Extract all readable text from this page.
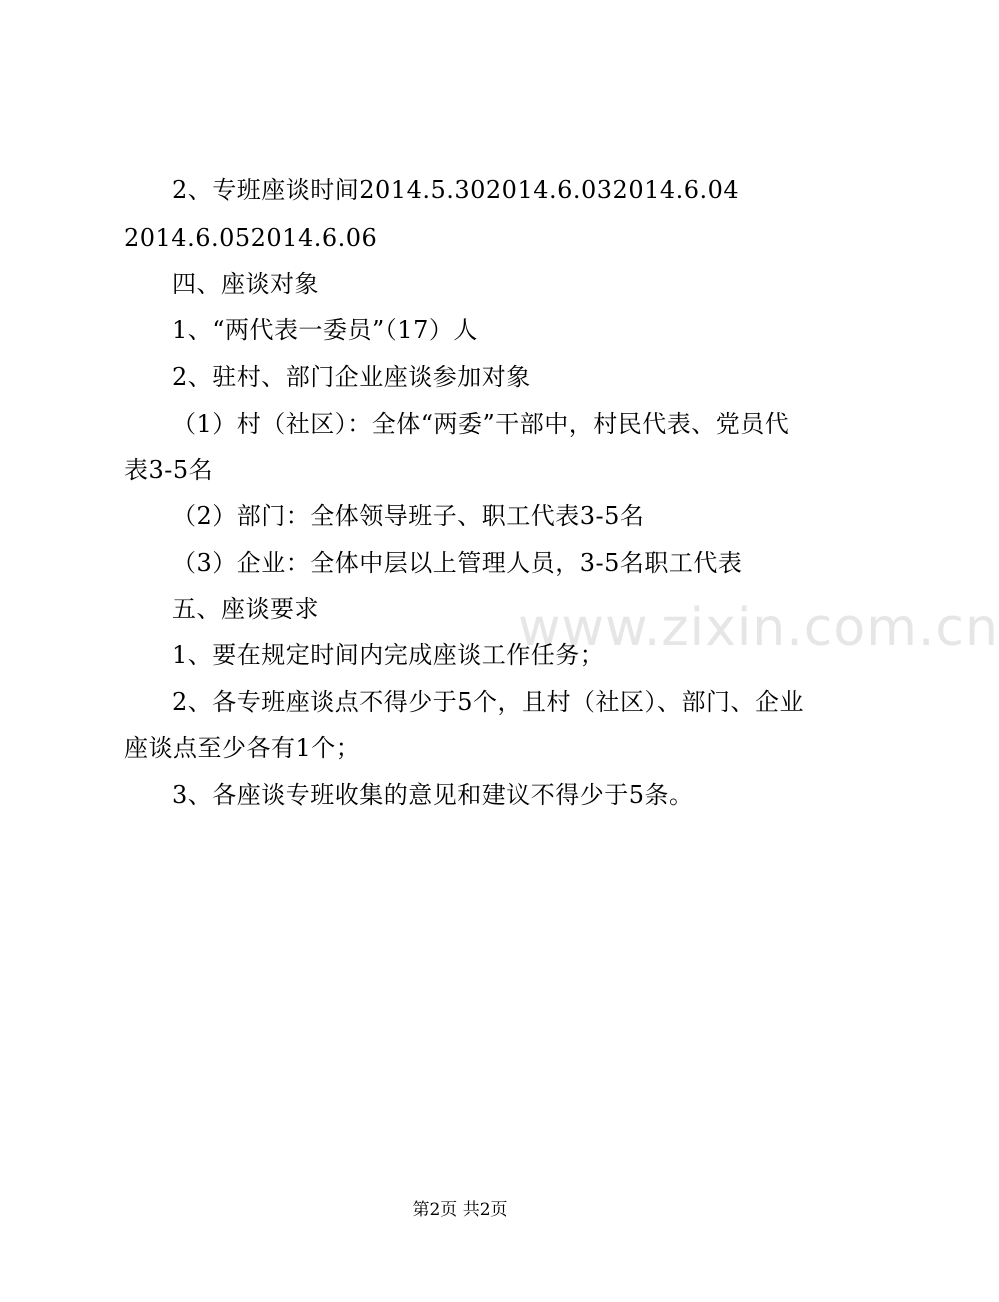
www.zixin.com.cn
2、专班座谈时间2014.5.302014.6.032014.6.04
2014.6.052014.6.06
四、座谈对象
1、“两代表一委员”（17）人
2、驻村、部门企业座谈参加对象
（1）村（社区）：全体“两委”干部中，村民代表、党员代
表3-5名
（2）部门：全体领导班子、职工代表3-5名
（3）企业：全体中层以上管理人员，3-5名职工代表
五、座谈要求
1、要在规定时间内完成座谈工作任务；
2、各专班座谈点不得少于5个，且村（社区）、部门、企业
座谈点至少各有1个；
3、各座谈专班收集的意见和建议不得少于5条。
第2页 共2页
